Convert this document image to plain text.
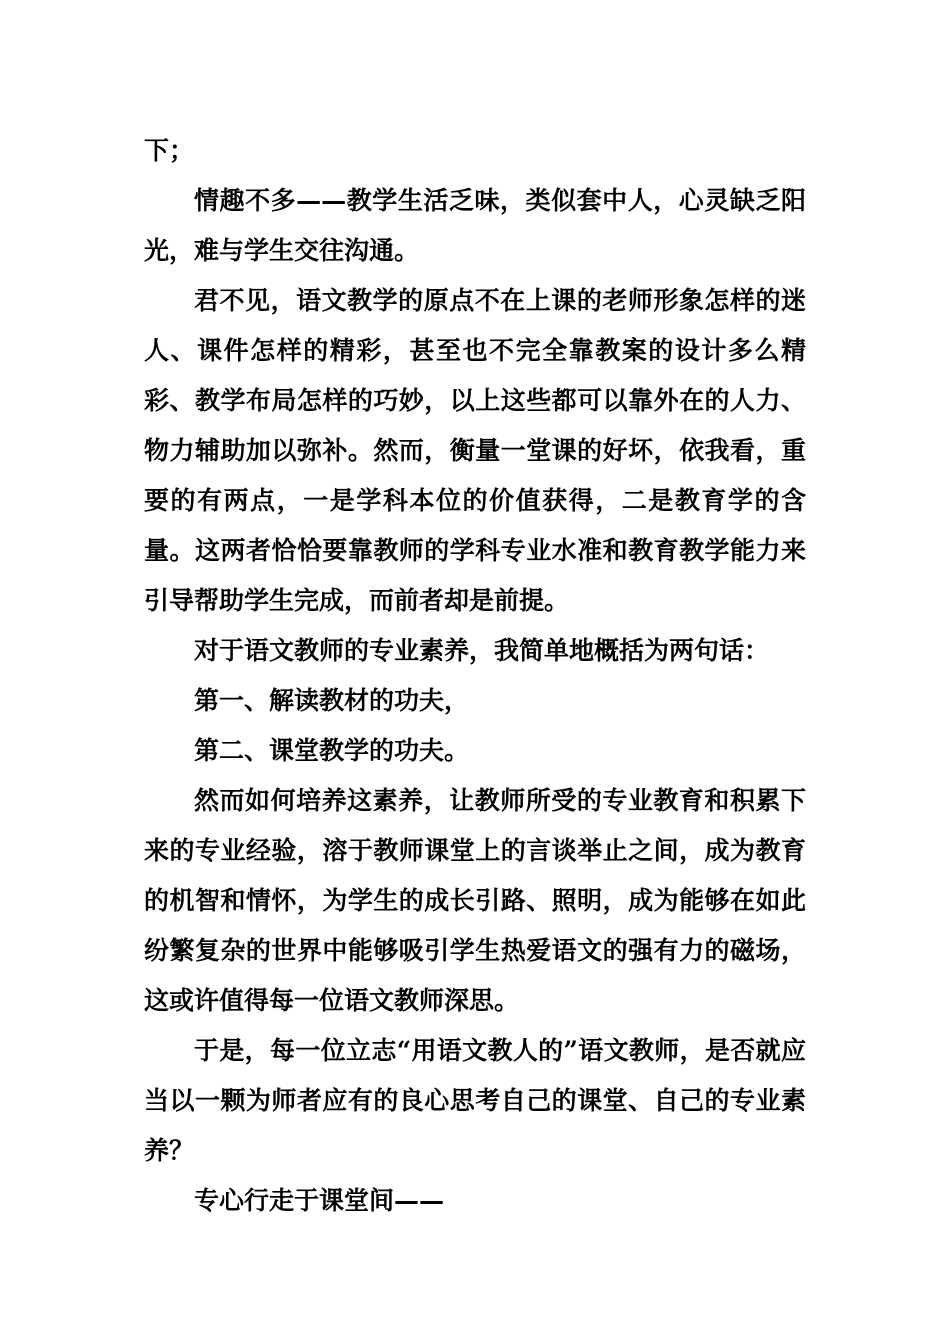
下；

情趣不多——教学生活乏味，类似套中人，心灵缺乏阳光，难与学生交往沟通。

君不见，语文教学的原点不在上课的老师形象怎样的迷人、课件怎样的精彩，甚至也不完全靠教案的设计多么精彩、教学布局怎样的巧妙，以上这些都可以靠外在的人力、物力辅助加以弥补。然而，衡量一堂课的好坏，依我看，重要的有两点，一是学科本位的价值获得，二是教育学的含量。这两者恰恰要靠教师的学科专业水准和教育教学能力来引导帮助学生完成，而前者却是前提。

对于语文教师的专业素养，我简单地概括为两句话：

第一、解读教材的功夫，

第二、课堂教学的功夫。

然而如何培养这素养，让教师所受的专业教育和积累下来的专业经验，溶于教师课堂上的言谈举止之间，成为教育的机智和情怀，为学生的成长引路、照明，成为能够在如此纷繁复杂的世界中能够吸引学生热爱语文的强有力的磁场，这或许值得每一位语文教师深思。

于是，每一位立志“用语文教人的”语文教师，是否就应当以一颗为师者应有的良心思考自己的课堂、自己的专业素养？

专心行走于课堂间——
